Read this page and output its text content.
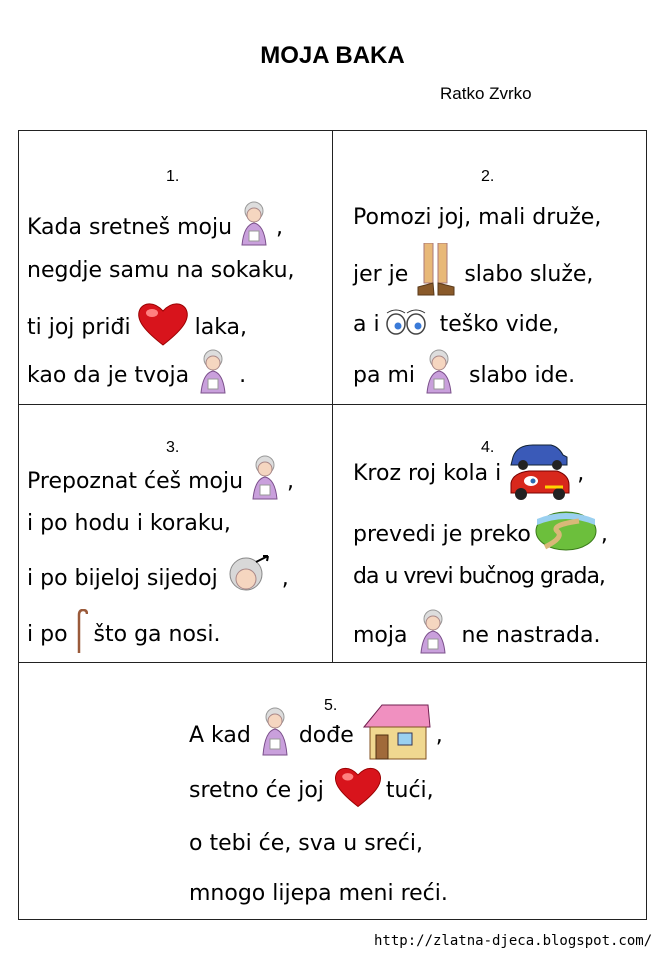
MOJA BAKA
Ratko Zvrko
1.
Kada sretneš moju ,
negdje samu na sokaku,
ti joj priđi	laka,
kao da je tvoja .
2.
Pomozi joj, mali druže,
jer je	slabo služe,
a i	teško vide,
pa mi slabo ide.
3.
Prepoznat ćeš moju ,
i po hodu i koraku,
i po bijeloj sijedoj	,
i po što ga nosi.
4.
Kroz roj kola i	,
prevedi je preko	,
da u vrevi bučnog grada,
moja ne nastrada.
5.
A kad dođe	,
sretno će joj	tući,
o tebi će, sva u sreći,
mnogo lijepa meni reći.
http://zlatna-djeca.blogspot.com/
